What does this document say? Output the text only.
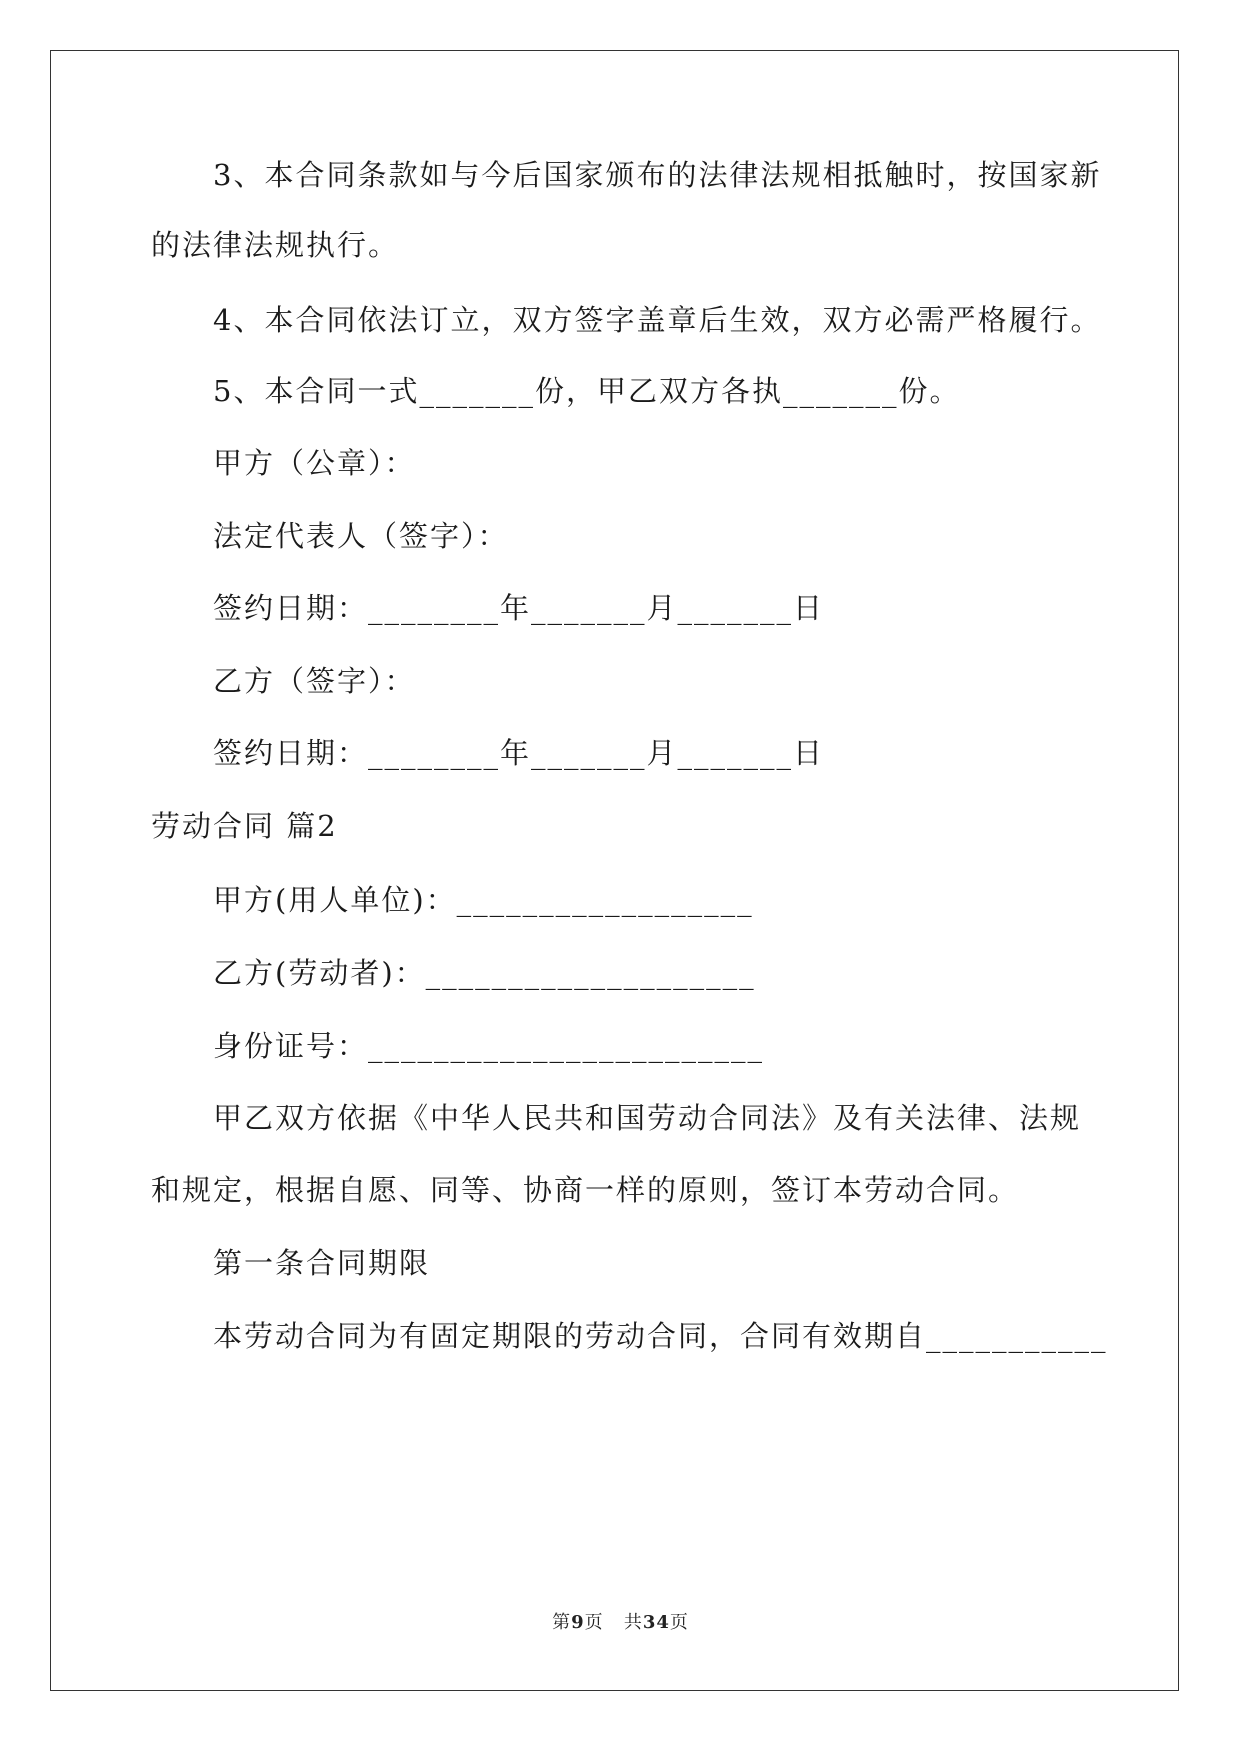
3、本合同条款如与今后国家颁布的法律法规相抵触时，按国家新
的法律法规执行。
4、本合同依法订立，双方签字盖章后生效，双方必需严格履行。
5、本合同一式_______份，甲乙双方各执_______份。
甲方（公章）：
法定代表人（签字）：
签约日期：________年_______月_______日
乙方（签字）：
签约日期：________年_______月_______日
劳动合同 篇2
甲方(用人单位)：__________________
乙方(劳动者)：____________________
身份证号：________________________
甲乙双方依据《中华人民共和国劳动合同法》及有关法律、法规
和规定，根据自愿、同等、协商一样的原则，签订本劳动合同。
第一条合同期限
本劳动合同为有固定期限的劳动合同，合同有效期自___________
第9页 共34页
